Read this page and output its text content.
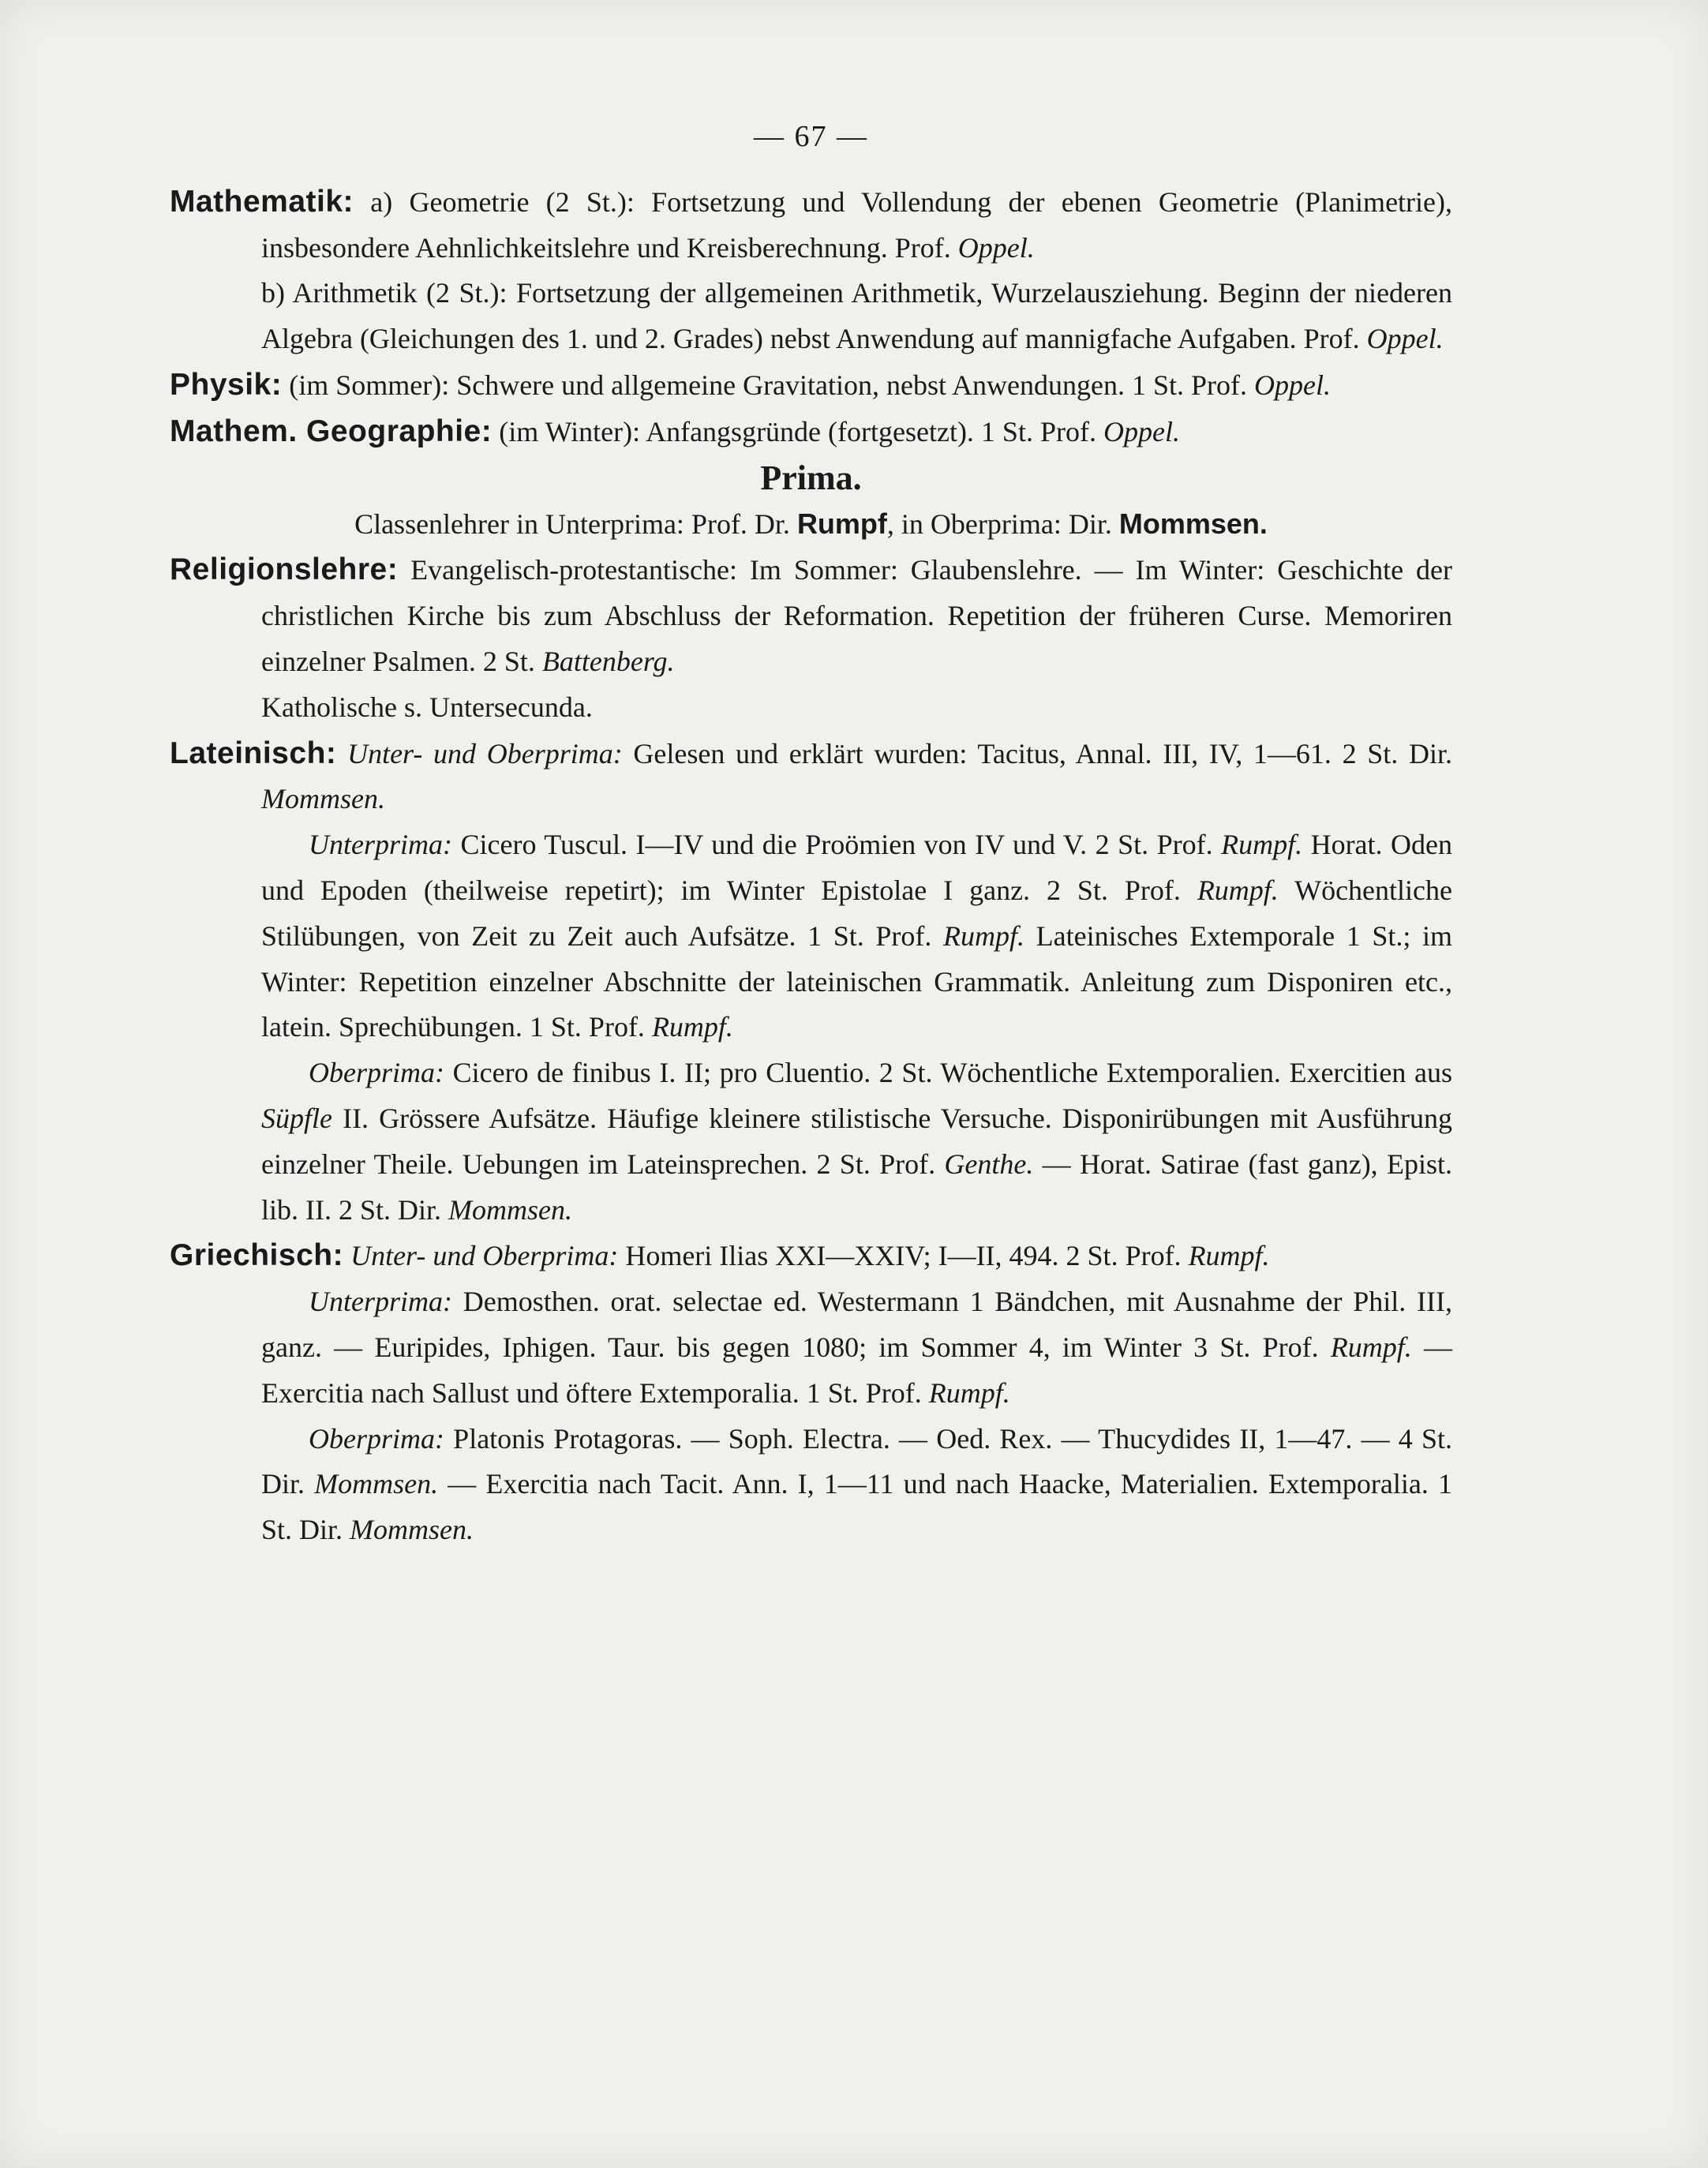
— 67 —

Mathematik: a) Geometrie (2 St.): Fortsetzung und Vollendung der ebenen Geometrie (Planimetrie), insbesondere Aehnlichkeitslehre und Kreisberechnung. Prof. Oppel.

b) Arithmetik (2 St.): Fortsetzung der allgemeinen Arithmetik, Wurzelausziehung. Beginn der niederen Algebra (Gleichungen des 1. und 2. Grades) nebst Anwendung auf mannigfache Aufgaben. Prof. Oppel.

Physik: (im Sommer): Schwere und allgemeine Gravitation, nebst Anwendungen. 1 St. Prof. Oppel.

Mathem. Geographie: (im Winter): Anfangsgründe (fortgesetzt). 1 St. Prof. Oppel.

Prima.

Classenlehrer in Unterprima: Prof. Dr. Rumpf, in Oberprima: Dir. Mommsen.

Religionslehre: Evangelisch-protestantische: Im Sommer: Glaubenslehre. — Im Winter: Geschichte der christlichen Kirche bis zum Abschluss der Reformation. Repetition der früheren Curse. Memoriren einzelner Psalmen. 2 St. Battenberg.

Katholische s. Untersecunda.

Lateinisch: Unter- und Oberprima: Gelesen und erklärt wurden: Tacitus, Annal. III, IV, 1—61. 2 St. Dir. Mommsen.

Unterprima: Cicero Tuscul. I—IV und die Proömien von IV und V. 2 St. Prof. Rumpf. Horat. Oden und Epoden (theilweise repetirt); im Winter Epistolae I ganz. 2 St. Prof. Rumpf. Wöchentliche Stilübungen, von Zeit zu Zeit auch Aufsätze. 1 St. Prof. Rumpf. Lateinisches Extemporale 1 St.; im Winter: Repetition einzelner Abschnitte der lateinischen Grammatik. Anleitung zum Disponiren etc., latein. Sprechübungen. 1 St. Prof. Rumpf.

Oberprima: Cicero de finibus I. II; pro Cluentio. 2 St. Wöchentliche Extemporalien. Exercitien aus Süpfle II. Grössere Aufsätze. Häufige kleinere stilistische Versuche. Disponirübungen mit Ausführung einzelner Theile. Uebungen im Lateinsprechen. 2 St. Prof. Genthe. — Horat. Satirae (fast ganz), Epist. lib. II. 2 St. Dir. Mommsen.

Griechisch: Unter- und Oberprima: Homeri Ilias XXI—XXIV; I—II, 494. 2 St. Prof. Rumpf.

Unterprima: Demosthen. orat. selectae ed. Westermann 1 Bändchen, mit Ausnahme der Phil. III, ganz. — Euripides, Iphigen. Taur. bis gegen 1080; im Sommer 4, im Winter 3 St. Prof. Rumpf. — Exercitia nach Sallust und öftere Extemporalia. 1 St. Prof. Rumpf.

Oberprima: Platonis Protagoras. — Soph. Electra. — Oed. Rex. — Thucydides II, 1—47. — 4 St. Dir. Mommsen. — Exercitia nach Tacit. Ann. I, 1—11 und nach Haacke, Materialien. Extemporalia. 1 St. Dir. Mommsen.
